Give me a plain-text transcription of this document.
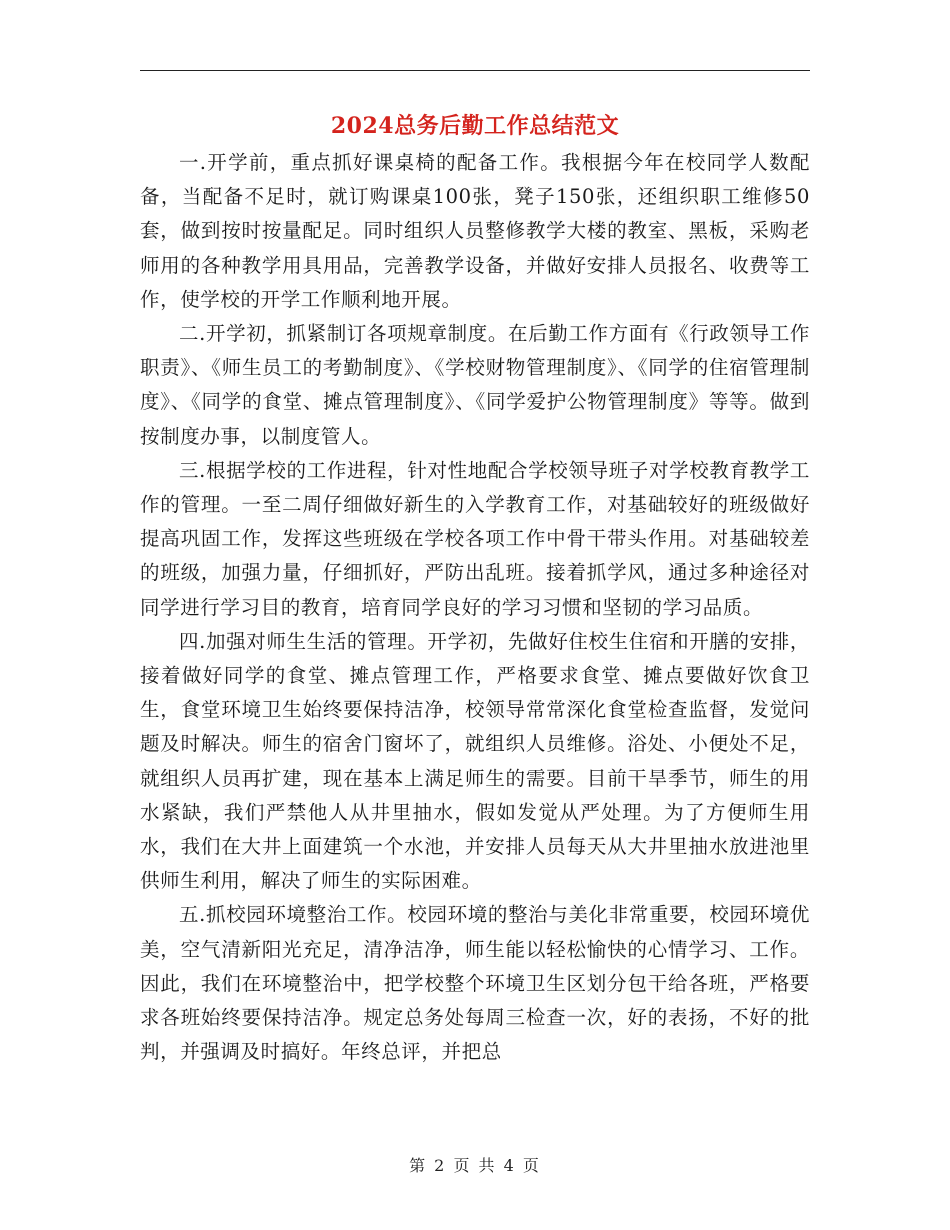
2024总务后勤工作总结范文

一.开学前，重点抓好课桌椅的配备工作。我根据今年在校同学人数配备，当配备不足时，就订购课桌100张，凳子150张，还组织职工维修50套，做到按时按量配足。同时组织人员整修教学大楼的教室、黑板，采购老师用的各种教学用具用品，完善教学设备，并做好安排人员报名、收费等工作，使学校的开学工作顺利地开展。

二.开学初，抓紧制订各项规章制度。在后勤工作方面有《行政领导工作职责》、《师生员工的考勤制度》、《学校财物管理制度》、《同学的住宿管理制度》、《同学的食堂、摊点管理制度》、《同学爱护公物管理制度》等等。做到按制度办事，以制度管人。

三.根据学校的工作进程，针对性地配合学校领导班子对学校教育教学工作的管理。一至二周仔细做好新生的入学教育工作，对基础较好的班级做好提高巩固工作，发挥这些班级在学校各项工作中骨干带头作用。对基础较差的班级，加强力量，仔细抓好，严防出乱班。接着抓学风，通过多种途径对同学进行学习目的教育，培育同学良好的学习习惯和坚韧的学习品质。

四.加强对师生生活的管理。开学初，先做好住校生住宿和开膳的安排，接着做好同学的食堂、摊点管理工作，严格要求食堂、摊点要做好饮食卫生，食堂环境卫生始终要保持洁净，校领导常常深化食堂检查监督，发觉问题及时解决。师生的宿舍门窗坏了，就组织人员维修。浴处、小便处不足，就组织人员再扩建，现在基本上满足师生的需要。目前干旱季节，师生的用水紧缺，我们严禁他人从井里抽水，假如发觉从严处理。为了方便师生用水，我们在大井上面建筑一个水池，并安排人员每天从大井里抽水放进池里供师生利用，解决了师生的实际困难。

五.抓校园环境整治工作。校园环境的整治与美化非常重要，校园环境优美，空气清新阳光充足，清净洁净，师生能以轻松愉快的心情学习、工作。因此，我们在环境整治中，把学校整个环境卫生区划分包干给各班，严格要求各班始终要保持洁净。规定总务处每周三检查一次，好的表扬，不好的批判，并强调及时搞好。年终总评，并把总

第 2 页 共 4 页
